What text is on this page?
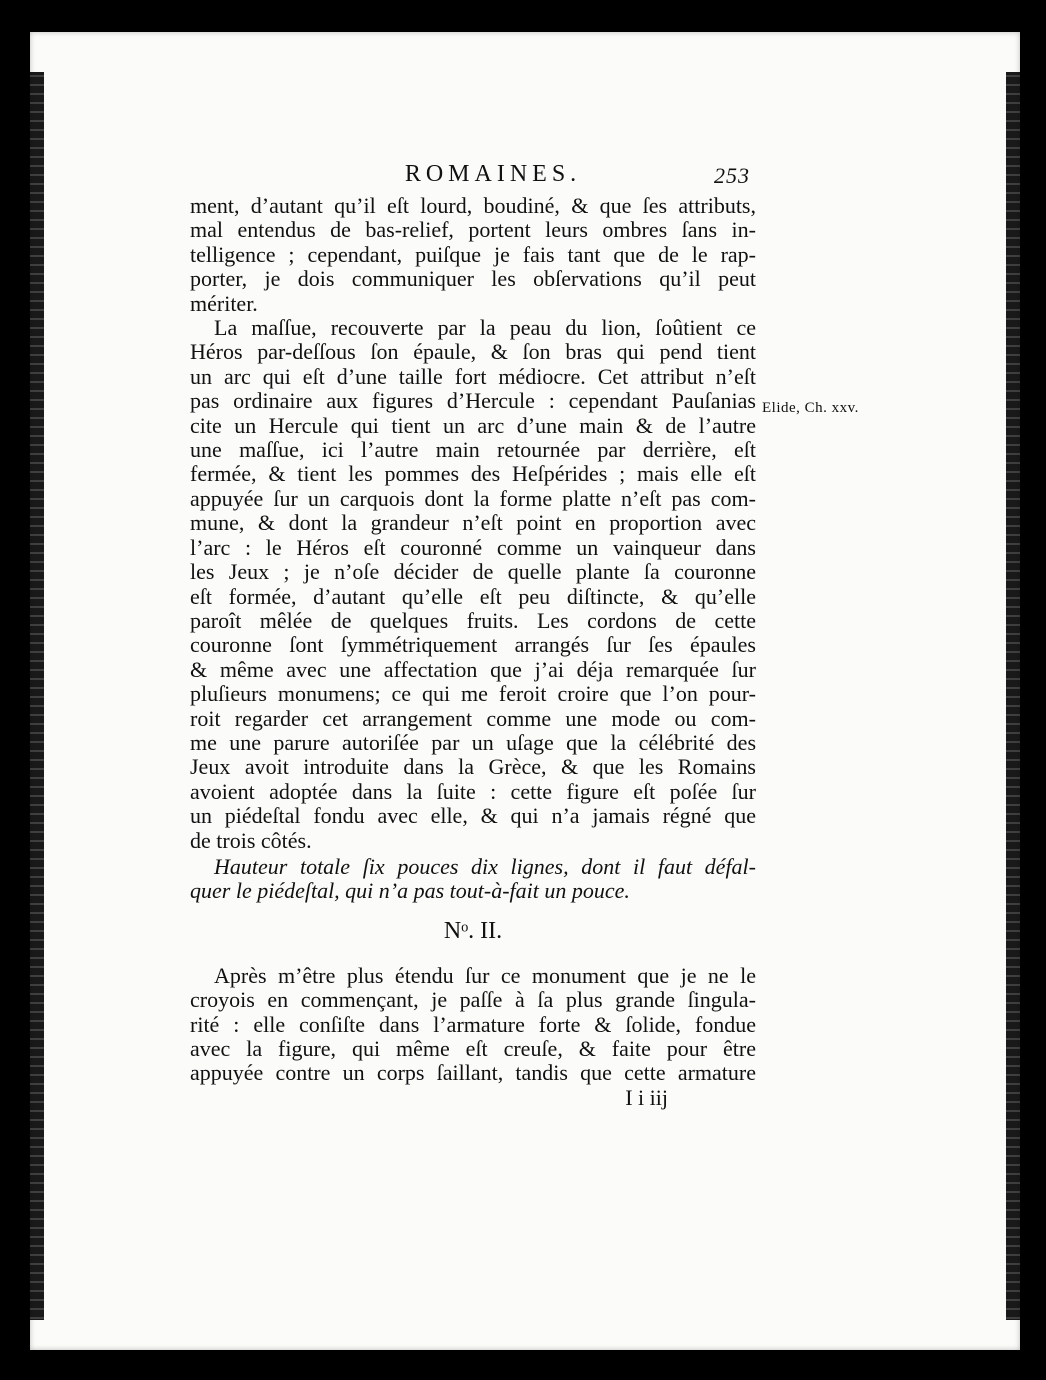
ROMAINES.	253

ment, d’autant qu’il eſt lourd, boudiné, & que ſes attributs,
mal entendus de bas-relief, portent leurs ombres ſans in-
telligence ; cependant, puiſque je fais tant que de le rap-
porter, je dois communiquer les obſervations qu’il peut
mériter.

La maſſue, recouverte par la peau du lion, ſoûtient ce
Héros par-deſſous ſon épaule, & ſon bras qui pend tient
un arc qui eſt d’une taille fort médiocre. Cet attribut n’eſt
pas ordinaire aux figures d’Hercule : cependant Pauſanias
cite un Hercule qui tient un arc d’une main & de l’autre
une maſſue, ici l’autre main retournée par derrière, eſt
fermée, & tient les pommes des Heſpérides ; mais elle eſt
appuyée ſur un carquois dont la forme platte n’eſt pas com-
mune, & dont la grandeur n’eſt point en proportion avec
l’arc : le Héros eſt couronné comme un vainqueur dans
les Jeux ; je n’oſe décider de quelle plante ſa couronne
eſt formée, d’autant qu’elle eſt peu diſtincte, & qu’elle
paroît mêlée de quelques fruits. Les cordons de cette
couronne ſont ſymmétriquement arrangés ſur ſes épaules
& même avec une affectation que j’ai déja remarquée ſur
pluſieurs monumens; ce qui me feroit croire que l’on pour-
roit regarder cet arrangement comme une mode ou com-
me une parure autoriſée par un uſage que la célébrité des
Jeux avoit introduite dans la Grèce, & que les Romains
avoient adoptée dans la ſuite : cette figure eſt poſée ſur
un piédeſtal fondu avec elle, & qui n’a jamais régné que
de trois côtés.

Hauteur totale ſix pouces dix lignes, dont il faut défal-
quer le piédeſtal, qui n’a pas tout-à-fait un pouce.

Nᵒ. II.

Après m’être plus étendu ſur ce monument que je ne le
croyois en commençant, je paſſe à ſa plus grande ſingula-
rité : elle conſiſte dans l’armature forte & ſolide, fondue
avec la figure, qui même eſt creuſe, & faite pour être
appuyée contre un corps ſaillant, tandis que cette armature

I i iij
Elide, Ch. xxv.
